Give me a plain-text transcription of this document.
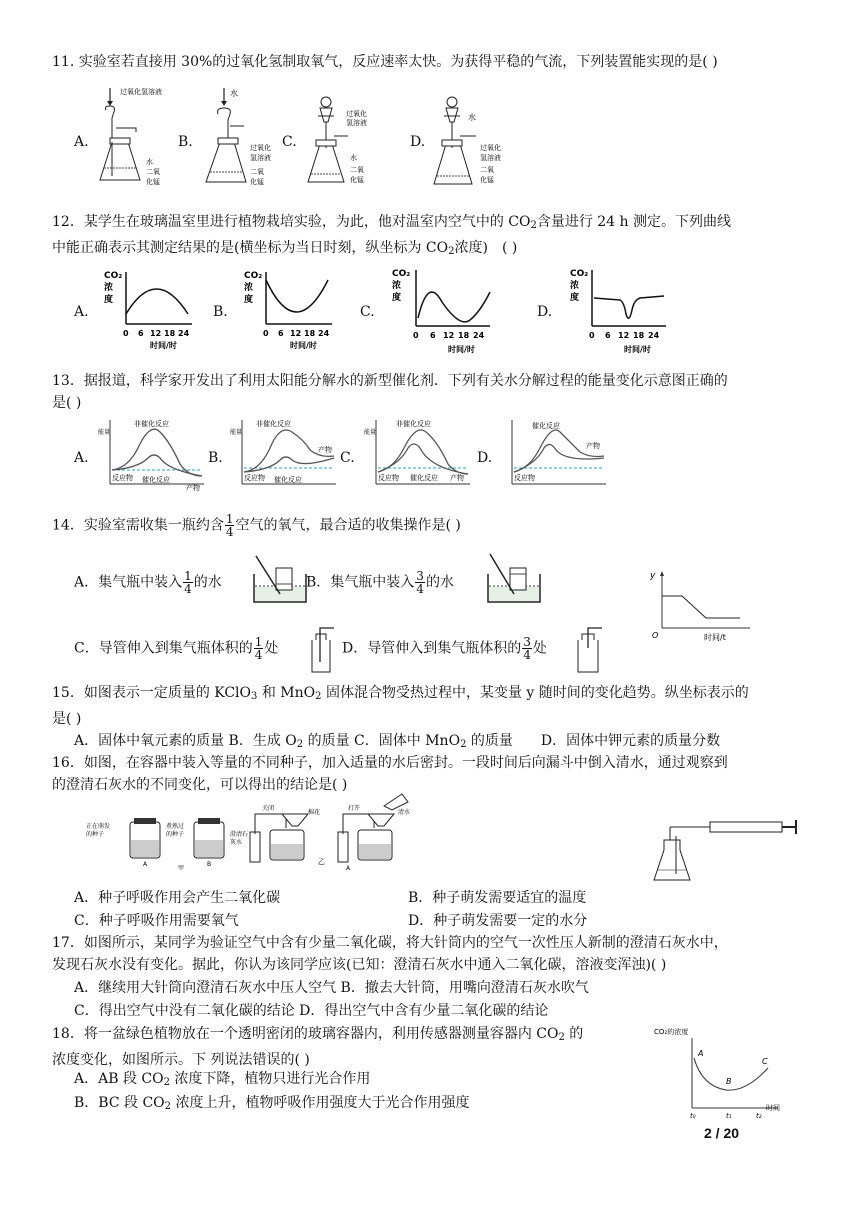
11. 实验室若直接用 30%的过氧化氢制取氧气，反应速率太快。为获得平稳的气流，下列装置能实现的是( )
A.	B.	C.	D.
过氧化氢溶液
水
二氧
化锰
水
过氧化
氢溶液
二氧
化锰
过氧化
氢溶液
水
二氧
化锰
水
过氧化
氢溶液
二氧
化锰
12．某学生在玻璃温室里进行植物栽培实验，为此，他对温室内空气中的 $CO_2$含量进行 24 h 测定。下列曲线
中能正确表示其测定结果的是(横坐标为当日时刻，纵坐标为 $CO_2$浓度)　( )
A.	B.	C.	D.
CO₂
浓
度
0 6 12 18 24
时间/时
CO₂
浓
度
0 6 12 18 24
时间/时
CO₂
浓
度
0 6 12 18 24
时间/时
CO₂
浓
度
0 6 12 18 24
时间/时
13．据报道，科学家开发出了利用太阳能分解水的新型催化剂．下列有关水分解过程的能量变化示意图正确的
是( )
A.	B.	C.	D.
能量
非催化反应
反应物 催化反应
产物
能量
非催化反应
反应物 催化反应
产物
能量
非催化反应
反应物 催化反应 产物
催化反应
反应物
产物
14．实验室需收集一瓶约含 $\frac{1}{4}$ 空气的氧气，最合适的收集操作是( )
A．集气瓶中装入 $\frac{1}{4}$ 的水	B．集气瓶中装入 $\frac{3}{4}$ 的水	y
O	时间/t
C．导管伸入到集气瓶体积的 $\frac{1}{4}$ 处	D．导管伸入到集气瓶体积的 $\frac{3}{4}$ 处
15．如图表示一定质量的 KClO$_3$ 和 MnO$_2$ 固体混合物受热过程中，某变量 y 随时间的变化趋势。纵坐标表示的
是( )
A．固体中氧元素的质量 B．生成 $O_2$ 的质量 C．固体中 MnO$_2$ 的质量　　D．固体中钾元素的质量分数
16．如图，在容器中装入等量的不同种子，加入适量的水后密封。一段时间后向漏斗中倒入清水，通过观察到
的澄清石灰水的不同变化，可以得出的结论是( )
正在萌发
的种子
A
煮熟过
的种子
B
甲
澄清石
灰水
关闭
棉花
乙
打开
清水
A
A．种子呼吸作用会产生二氧化碳	B．种子萌发需要适宜的温度
C．种子呼吸作用需要氧气	D．种子萌发需要一定的水分
17．如图所示，某同学为验证空气中含有少量二氧化碳，将大针筒内的空气一次性压人新制的澄清石灰水中，
发现石灰水没有变化。据此，你认为该同学应该(已知：澄清石灰水中通入二氧化碳，溶液变浑浊)( )
A．继续用大针筒向澄清石灰水中压人空气 B．撤去大针筒，用嘴向澄清石灰水吹气
C．得出空气中没有二氧化碳的结论 D．得出空气中含有少量二氧化碳的结论
18．将一盆绿色植物放在一个透明密闭的玻璃容器内，利用传感器测量容器内 $CO_2$ 的
浓度变化，如图所示。下 列说法错误的( )
A．AB 段 $CO_2$ 浓度下降，植物只进行光合作用
B．BC 段 $CO_2$ 浓度上升，植物呼吸作用强度大于光合作用强度
CO₂的浓度
A
B
C
t₀	t₁	t₂
时间
2 / 20
